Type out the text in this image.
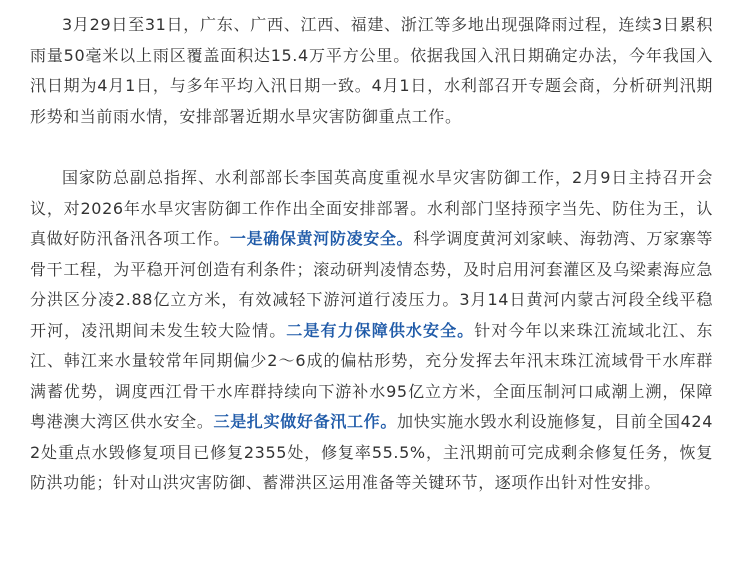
3月29日至31日，广东、广西、江西、福建、浙江等多地出现强降雨过程，连续3日累积雨量50毫米以上雨区覆盖面积达15.4万平方公里。依据我国入汛日期确定办法，今年我国入汛日期为4月1日，与多年平均入汛日期一致。4月1日，水利部召开专题会商，分析研判汛期形势和当前雨水情，安排部署近期水旱灾害防御重点工作。

国家防总副总指挥、水利部部长李国英高度重视水旱灾害防御工作，2月9日主持召开会议，对2026年水旱灾害防御工作作出全面安排部署。水利部门坚持预字当先、防住为王，认真做好防汛备汛各项工作。一是确保黄河防凌安全。科学调度黄河刘家峡、海勃湾、万家寨等骨干工程，为平稳开河创造有利条件；滚动研判凌情态势，及时启用河套灌区及乌梁素海应急分洪区分凌2.88亿立方米，有效减轻下游河道行凌压力。3月14日黄河内蒙古河段全线平稳开河，凌汛期间未发生较大险情。二是有力保障供水安全。针对今年以来珠江流域北江、东江、韩江来水量较常年同期偏少2～6成的偏枯形势，充分发挥去年汛末珠江流域骨干水库群满蓄优势，调度西江骨干水库群持续向下游补水95亿立方米，全面压制河口咸潮上溯，保障粤港澳大湾区供水安全。三是扎实做好备汛工作。加快实施水毁水利设施修复，目前全国4242处重点水毁修复项目已修复2355处，修复率55.5%，主汛期前可完成剩余修复任务，恢复防洪功能；针对山洪灾害防御、蓄滞洪区运用准备等关键环节，逐项作出针对性安排。
